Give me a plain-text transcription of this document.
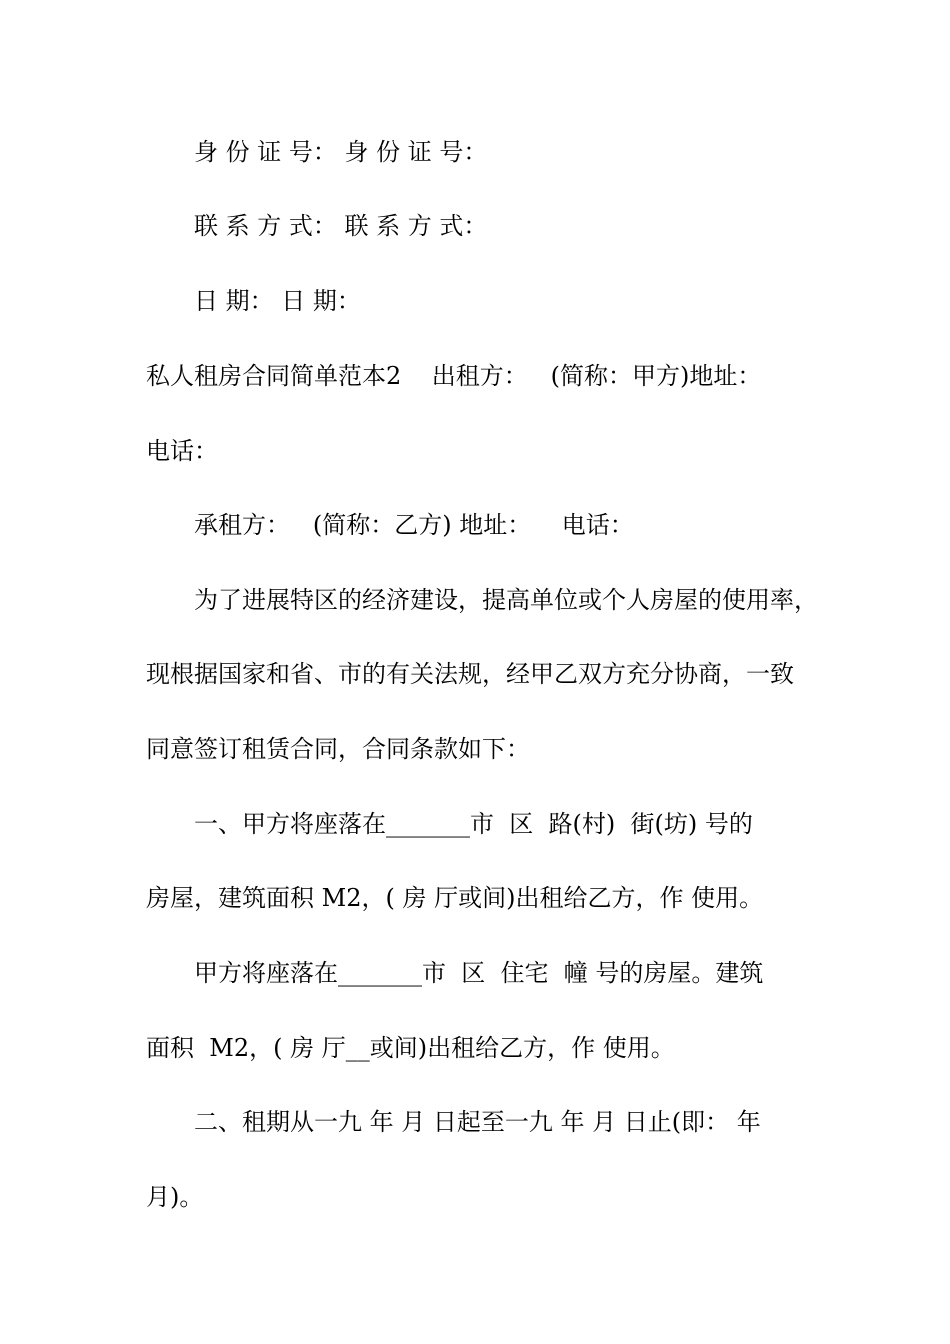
身 份 证 号： 身 份 证 号：
联 系 方 式： 联 系 方 式：
日 期： 日 期：
私人租房合同简单范本2    出租方：   (简称：甲方)地址：
电话：
承租方：   (简称：乙方) 地址：    电话：
为了进展特区的经济建设，提高单位或个人房屋的使用率，
现根据国家和省、市的有关法规，经甲乙双方充分协商，一致
同意签订租赁合同，合同条款如下：
一、甲方将座落在_______市  区  路(村)  街(坊) 号的
房屋，建筑面积 M2，( 房 厅或间)出租给乙方，作 使用。
甲方将座落在_______市  区  住宅  幢 号的房屋。建筑
面积  M2，( 房 厅__或间)出租给乙方，作 使用。
二、租期从一九 年 月 日起至一九 年 月 日止(即： 年
月)。
